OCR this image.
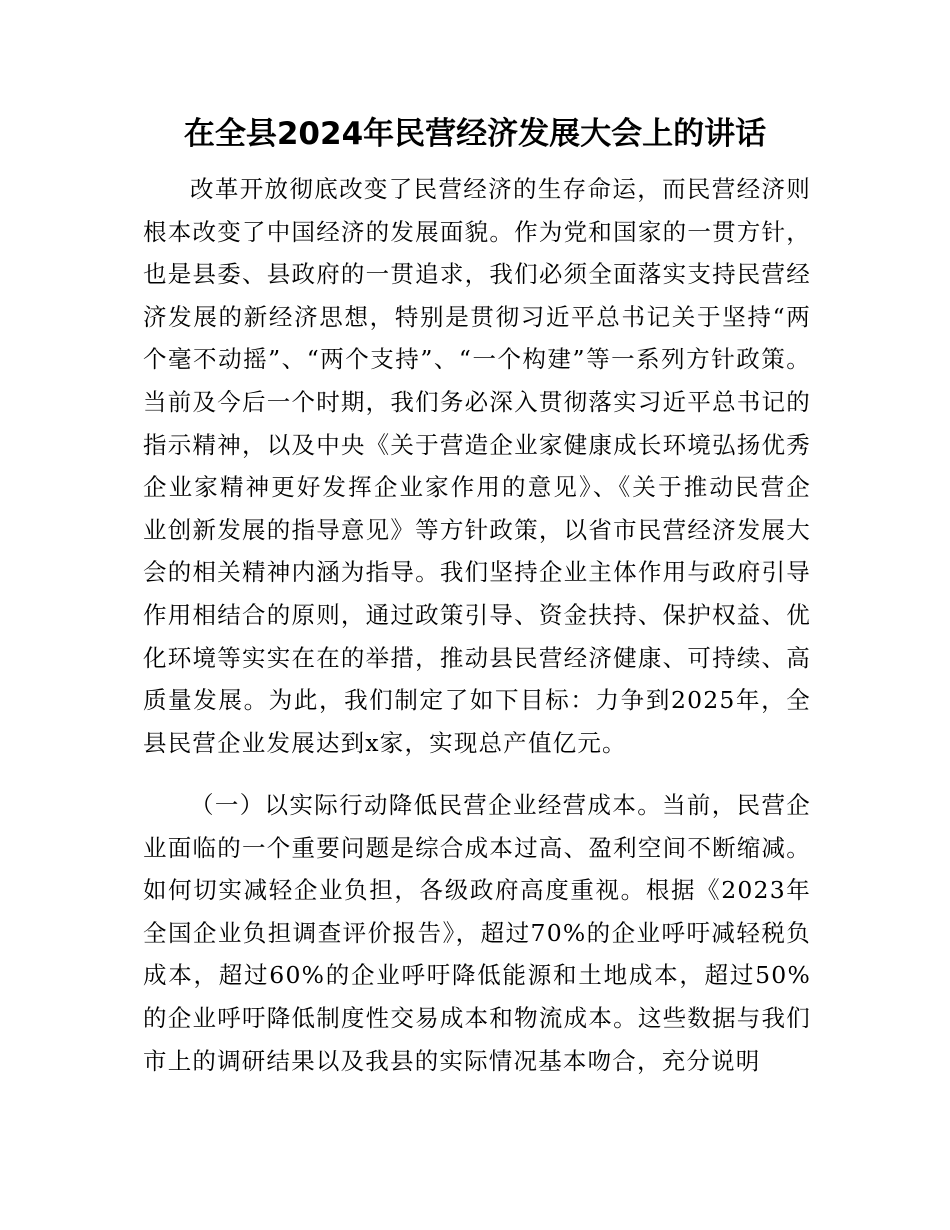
在全县2024年民营经济发展大会上的讲话

改革开放彻底改变了民营经济的生存命运，而民营经济则根本改变了中国经济的发展面貌。作为党和国家的一贯方针，也是县委、县政府的一贯追求，我们必须全面落实支持民营经济发展的新经济思想，特别是贯彻习近平总书记关于坚持“两个毫不动摇”、“两个支持”、“一个构建”等一系列方针政策。当前及今后一个时期，我们务必深入贯彻落实习近平总书记的指示精神，以及中央《关于营造企业家健康成长环境弘扬优秀企业家精神更好发挥企业家作用的意见》、《关于推动民营企业创新发展的指导意见》等方针政策，以省市民营经济发展大会的相关精神内涵为指导。我们坚持企业主体作用与政府引导作用相结合的原则，通过政策引导、资金扶持、保护权益、优化环境等实实在在的举措，推动县民营经济健康、可持续、高质量发展。为此，我们制定了如下目标：力争到2025年，全县民营企业发展达到x家，实现总产值亿元。

（一）以实际行动降低民营企业经营成本。当前，民营企业面临的一个重要问题是综合成本过高、盈利空间不断缩减。如何切实减轻企业负担，各级政府高度重视。根据《2023年全国企业负担调查评价报告》，超过70%的企业呼吁减轻税负成本，超过60%的企业呼吁降低能源和土地成本，超过50%的企业呼吁降低制度性交易成本和物流成本。这些数据与我们市上的调研结果以及我县的实际情况基本吻合，充分说明
